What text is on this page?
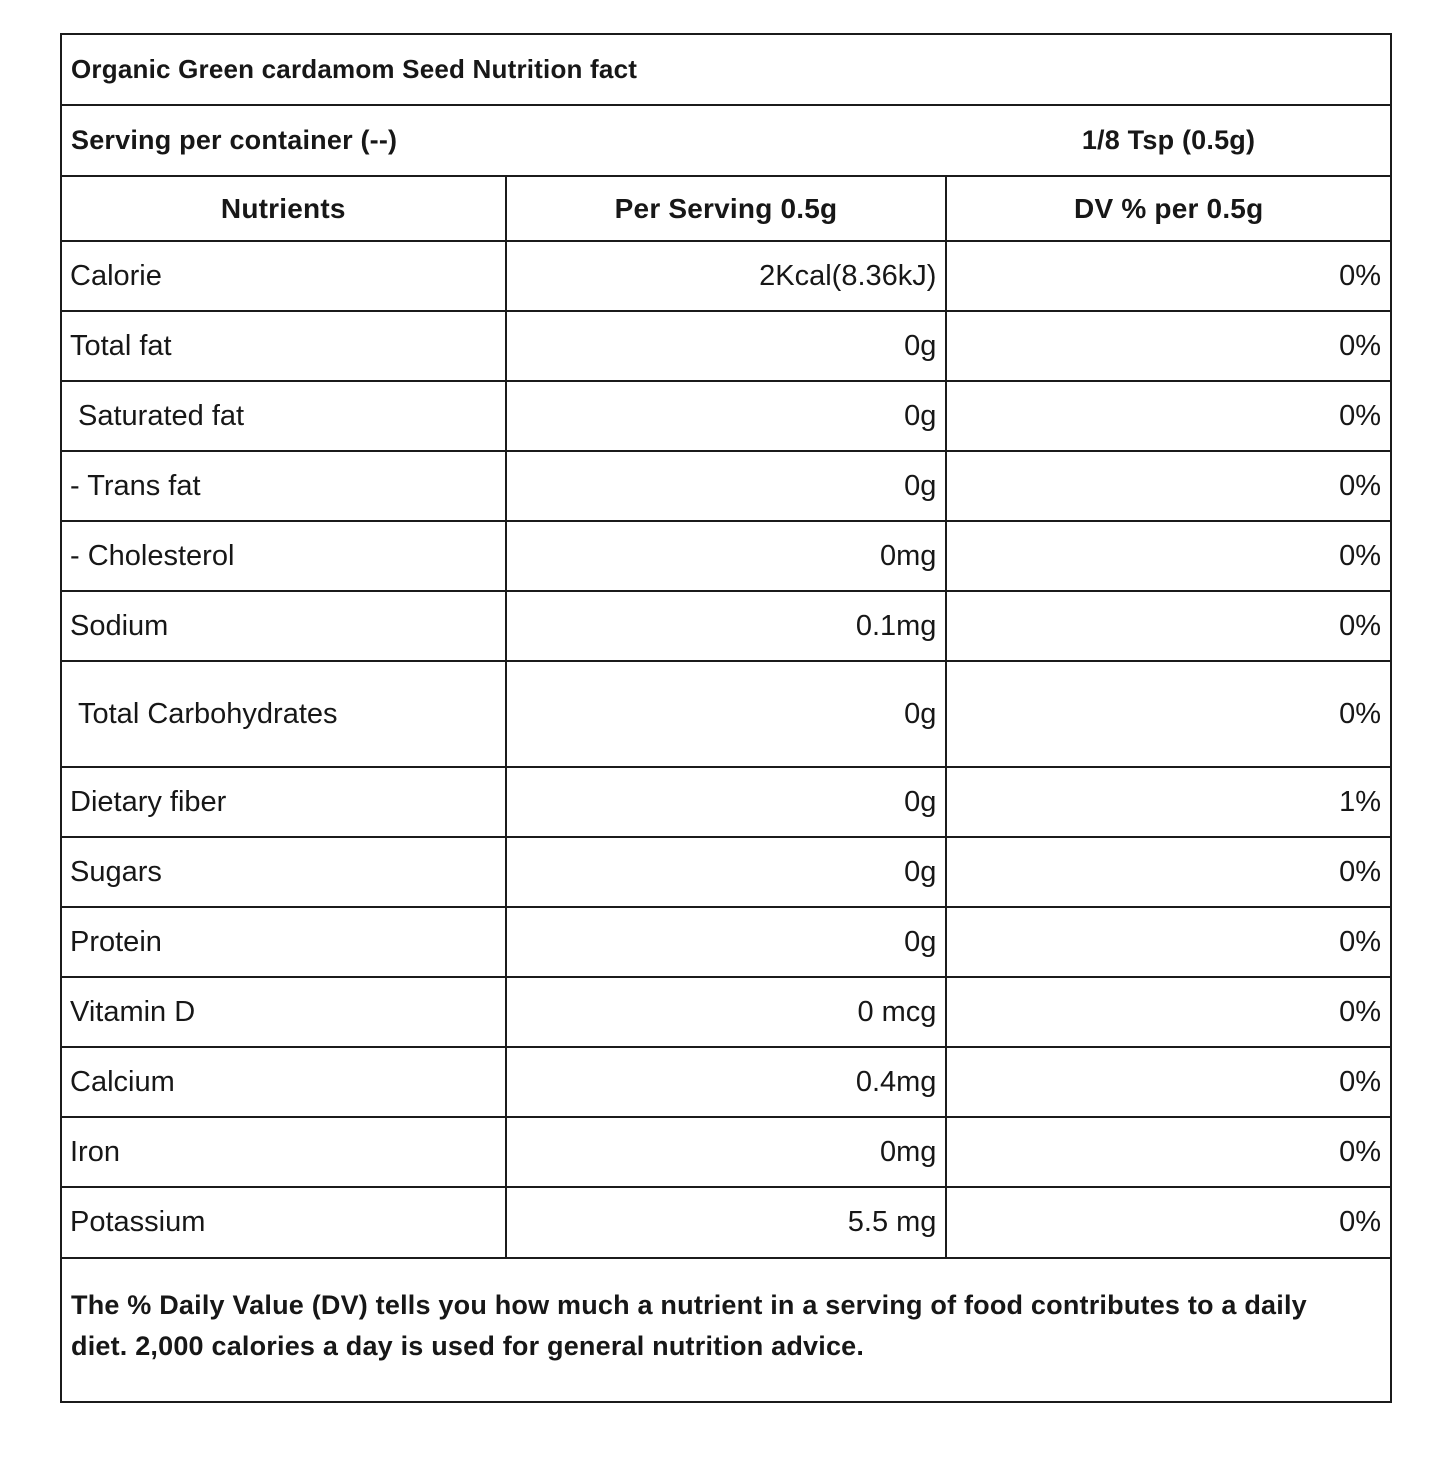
Organic Green cardamom Seed Nutrition fact
Serving per container (--)	1/8 Tsp (0.5g)
Nutrients	Per Serving 0.5g	DV % per 0.5g
Calorie	2Kcal(8.36kJ)	0%
Total fat	0g	0%
Saturated fat	0g	0%
- Trans fat	0g	0%
- Cholesterol	0mg	0%
Sodium	0.1mg	0%
Total Carbohydrates	0g	0%
Dietary fiber	0g	1%
Sugars	0g	0%
Protein	0g	0%
Vitamin D	0 mcg	0%
Calcium	0.4mg	0%
Iron	0mg	0%
Potassium	5.5 mg	0%
The % Daily Value (DV) tells you how much a nutrient in a serving of food contributes to a daily diet. 2,000 calories a day is used for general nutrition advice.
